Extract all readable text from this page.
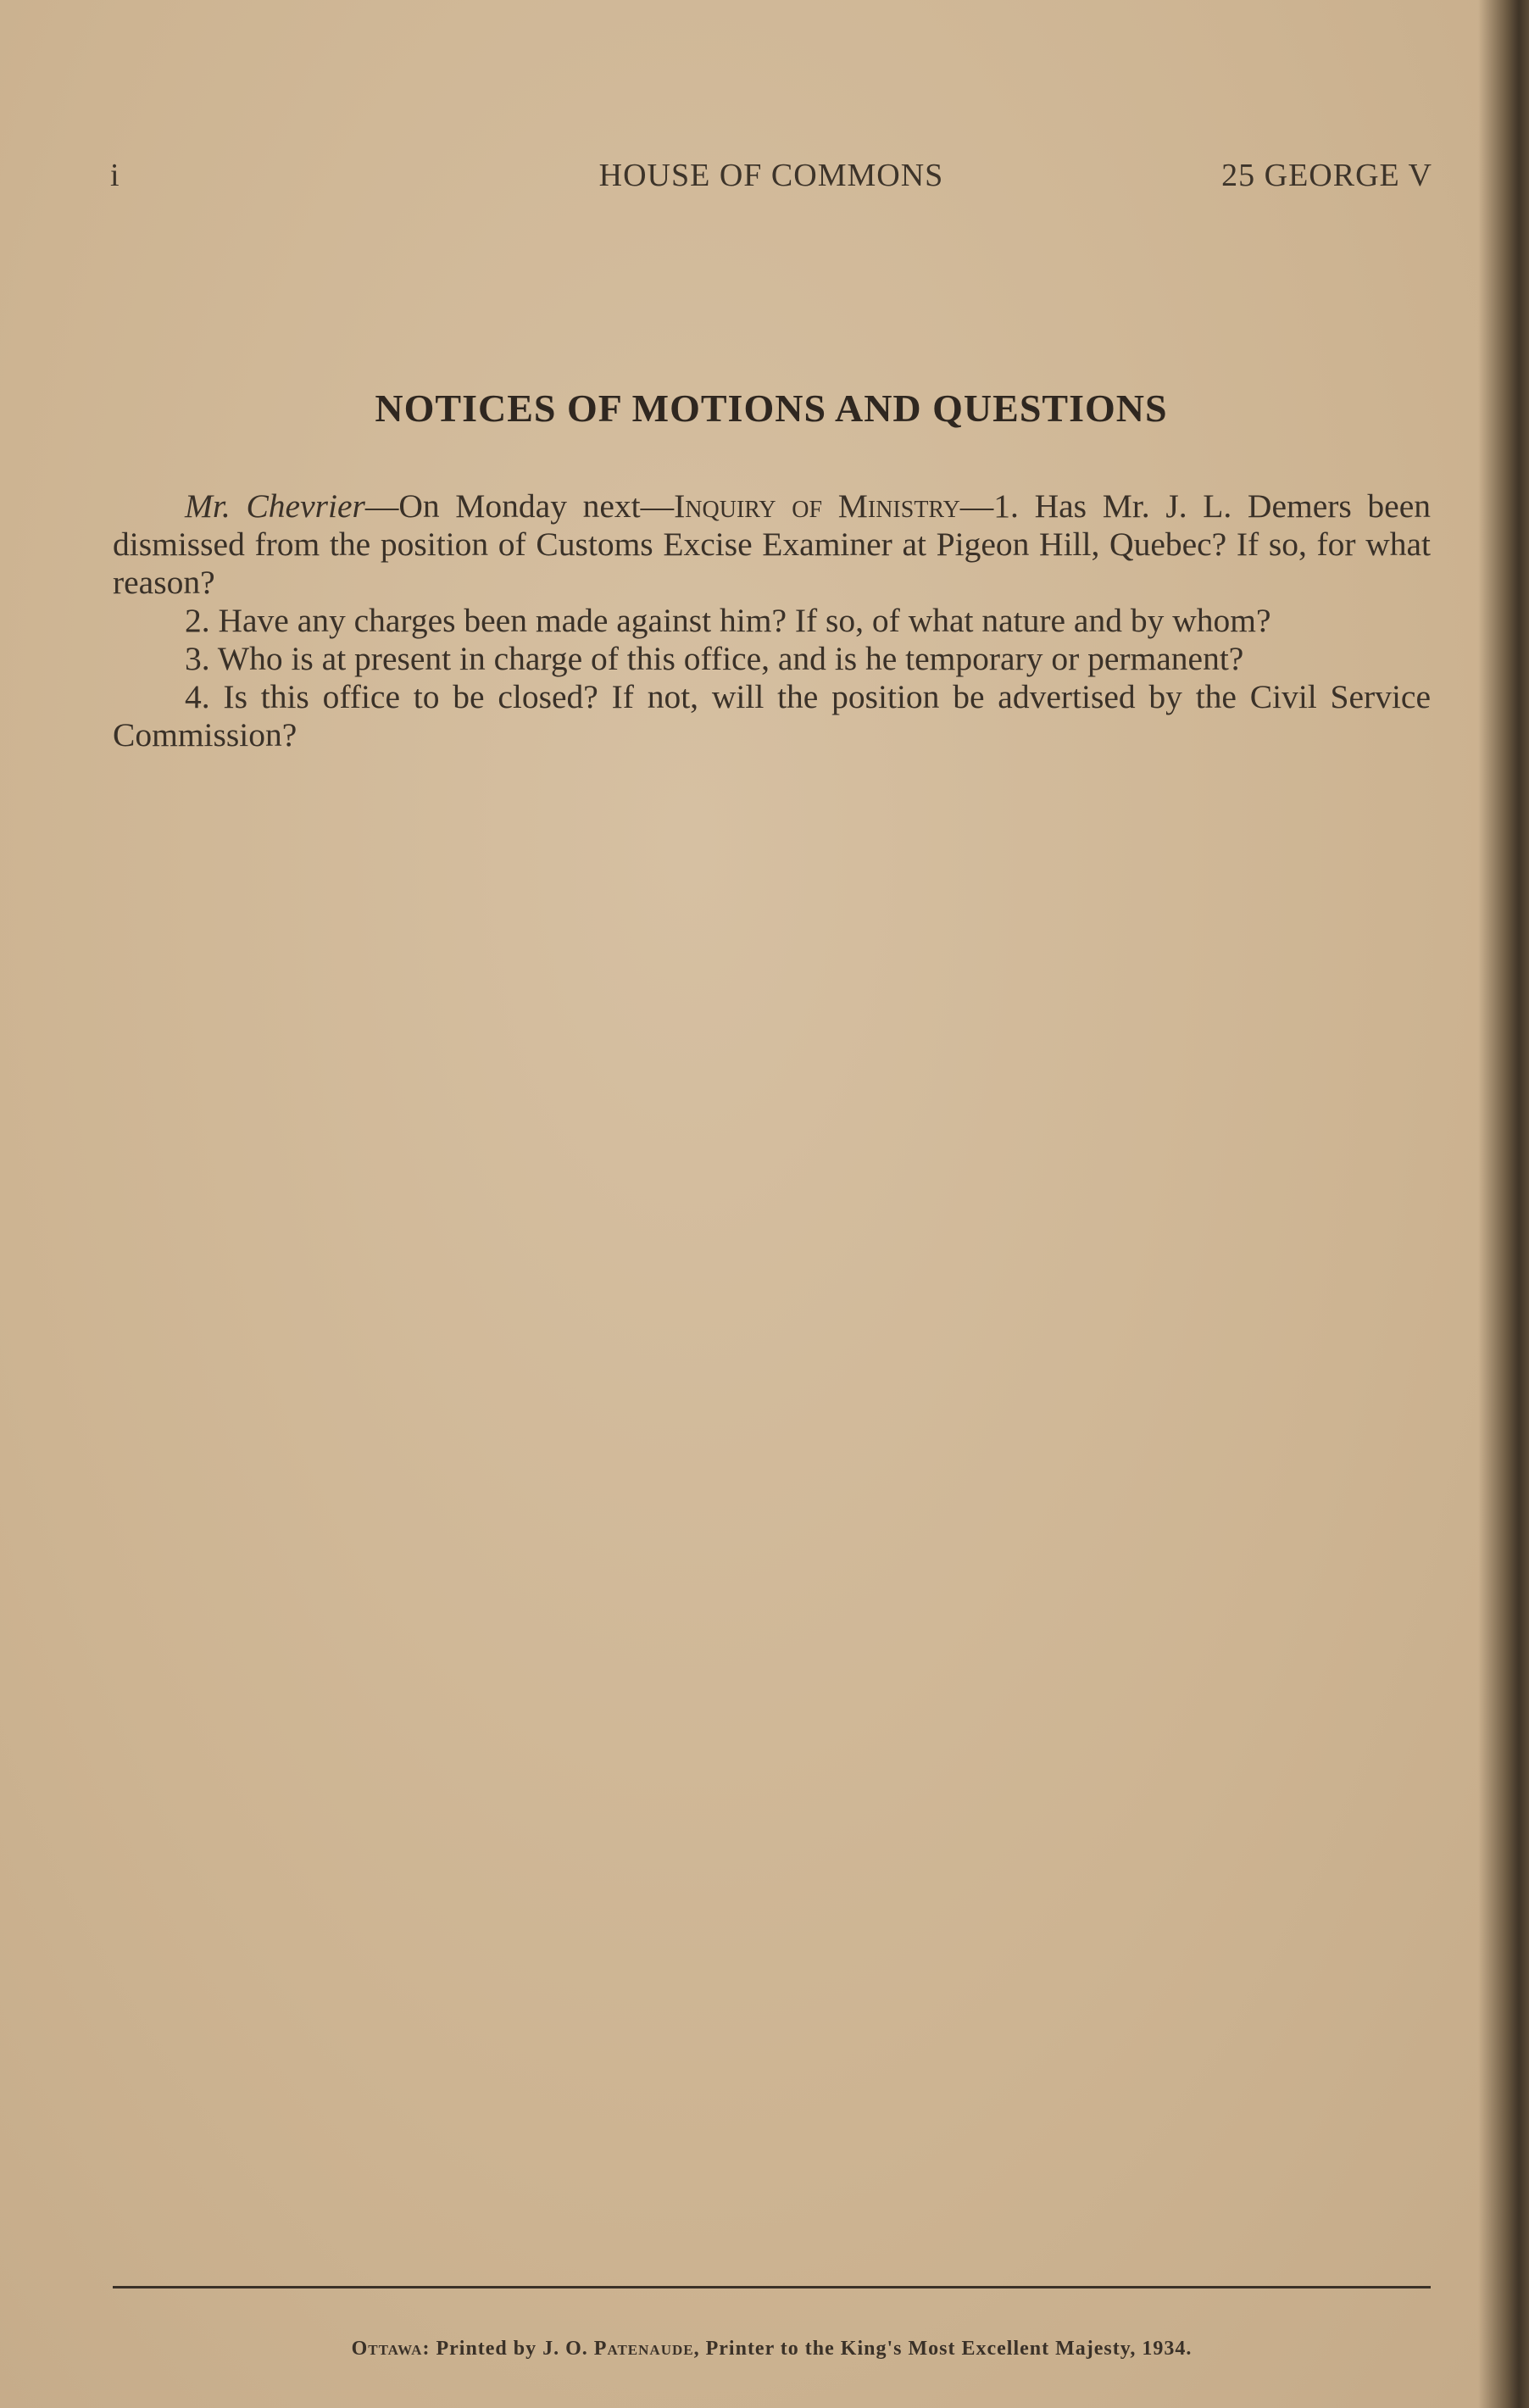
i	HOUSE OF COMMONS	25 GEORGE V
NOTICES OF MOTIONS AND QUESTIONS

Mr. Chevrier—On Monday next—Inquiry of Ministry—1. Has Mr. J. L. Demers been dismissed from the position of Customs Excise Examiner at Pigeon Hill, Quebec? If so, for what reason?

2. Have any charges been made against him? If so, of what nature and by whom?

3. Who is at present in charge of this office, and is he temporary or permanent?

4. Is this office to be closed? If not, will the position be advertised by the Civil Service Commission?

Ottawa: Printed by J. O. Patenaude, Printer to the King's Most Excellent Majesty, 1934.
